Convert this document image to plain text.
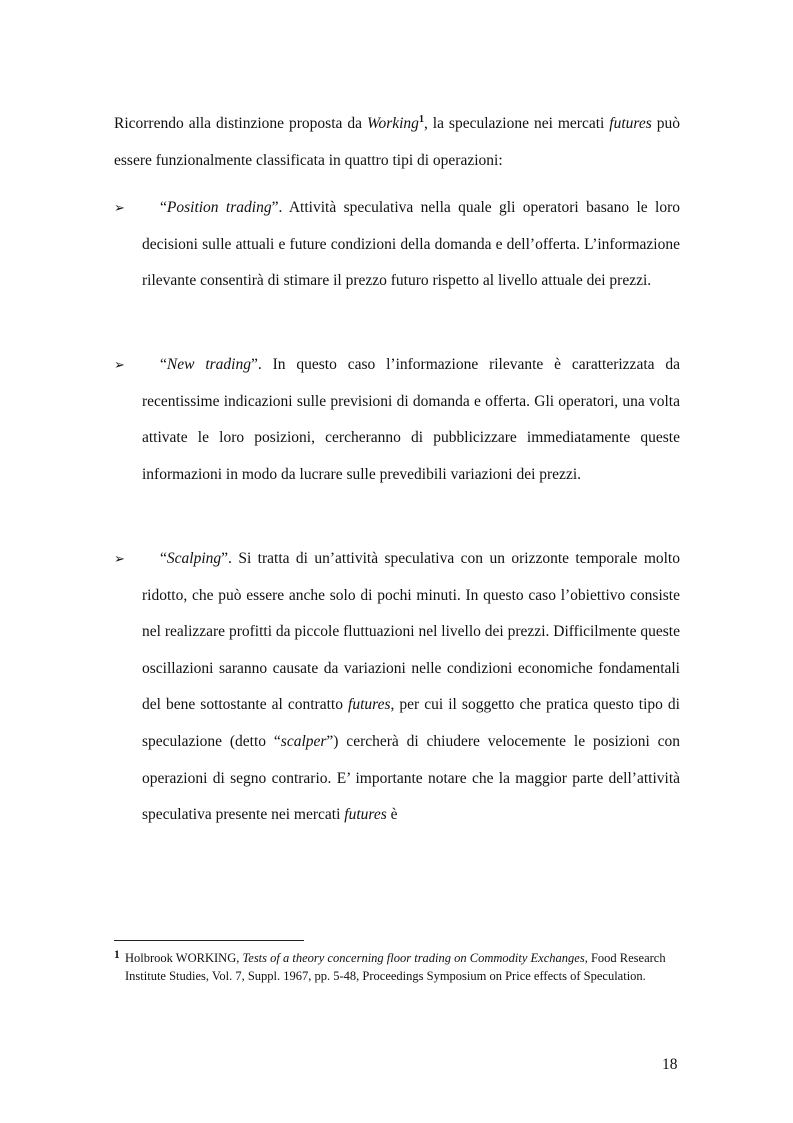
Ricorrendo alla distinzione proposta da Working$^1$, la speculazione nei mercati futures può essere funzionalmente classificata in quattro tipi di operazioni:

➢	“Position trading”. Attività speculativa nella quale gli operatori basano le loro decisioni sulle attuali e future condizioni della domanda e dell’offerta. L’informazione rilevante consentirà di stimare il prezzo futuro rispetto al livello attuale dei prezzi.

➢	“New trading”. In questo caso l’informazione rilevante è caratterizzata da recentissime indicazioni sulle previsioni di domanda e offerta. Gli operatori, una volta attivate le loro posizioni, cercheranno di pubblicizzare immediatamente queste informazioni in modo da lucrare sulle prevedibili variazioni dei prezzi.

➢	“Scalping”. Si tratta di un’attività speculativa con un orizzonte temporale molto ridotto, che può essere anche solo di pochi minuti. In questo caso l’obiettivo consiste nel realizzare profitti da piccole fluttuazioni nel livello dei prezzi. Difficilmente queste oscillazioni saranno causate da variazioni nelle condizioni economiche fondamentali del bene sottostante al contratto futures, per cui il soggetto che pratica questo tipo di speculazione (detto “scalper”) cercherà di chiudere velocemente le posizioni con operazioni di segno contrario. E’ importante notare che la maggior parte dell’attività speculativa presente nei mercati futures è

1 Holbrook WORKING, Tests of a theory concerning floor trading on Commodity Exchanges, Food Research Institute Studies, Vol. 7, Suppl. 1967, pp. 5-48, Proceedings Symposium on Price effects of Speculation.

18
